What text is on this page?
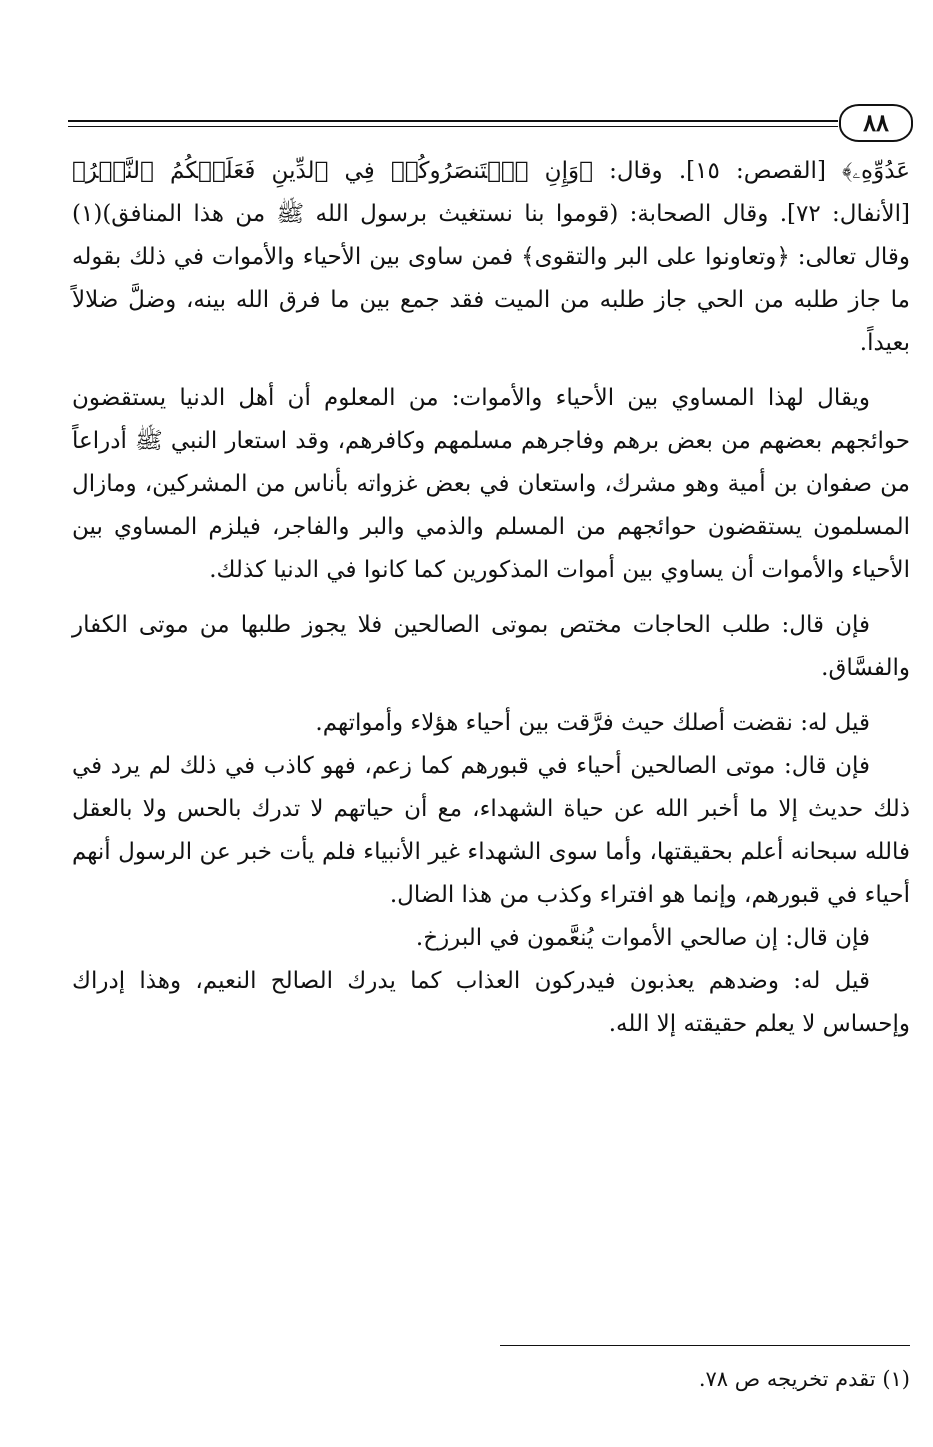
٨٨

عَدُوِّهِۦ﴾ [القصص: ١٥]. وقال: ﴿وَإِنِ ٱسۡتَنصَرُوكُمۡ فِي ٱلدِّينِ فَعَلَيۡكُمُ ٱلنَّصۡرُ﴾ [الأنفال: ٧٢]. وقال الصحابة: (قوموا بنا نستغيث برسول الله ﷺ من هذا المنافق)(١) وقال تعالى: ﴿وتعاونوا على البر والتقوى﴾ فمن ساوى بين الأحياء والأموات في ذلك بقوله ما جاز طلبه من الحي جاز طلبه من الميت فقد جمع بين ما فرق الله بينه، وضلَّ ضلالاً بعيداً.

ويقال لهذا المساوي بين الأحياء والأموات: من المعلوم أن أهل الدنيا يستقضون حوائجهم بعضهم من بعض برهم وفاجرهم مسلمهم وكافرهم، وقد استعار النبي ﷺ أدراعاً من صفوان بن أمية وهو مشرك، واستعان في بعض غزواته بأناس من المشركين، ومازال المسلمون يستقضون حوائجهم من المسلم والذمي والبر والفاجر، فيلزم المساوي بين الأحياء والأموات أن يساوي بين أموات المذكورين كما كانوا في الدنيا كذلك.

فإن قال: طلب الحاجات مختص بموتى الصالحين فلا يجوز طلبها من موتى الكفار والفسَّاق.

قيل له: نقضت أصلك حيث فرَّقت بين أحياء هؤلاء وأمواتهم.

فإن قال: موتى الصالحين أحياء في قبورهم كما زعم، فهو كاذب في ذلك لم يرد في ذلك حديث إلا ما أخبر الله عن حياة الشهداء، مع أن حياتهم لا تدرك بالحس ولا بالعقل فالله سبحانه أعلم بحقيقتها، وأما سوى الشهداء غير الأنبياء فلم يأت خبر عن الرسول أنهم أحياء في قبورهم، وإنما هو افتراء وكذب من هذا الضال.

فإن قال: إن صالحي الأموات يُنعَّمون في البرزخ.

قيل له: وضدهم يعذبون فيدركون العذاب كما يدرك الصالح النعيم، وهذا إدراك وإحساس لا يعلم حقيقته إلا الله.

(١) تقدم تخريجه ص ٧٨.
